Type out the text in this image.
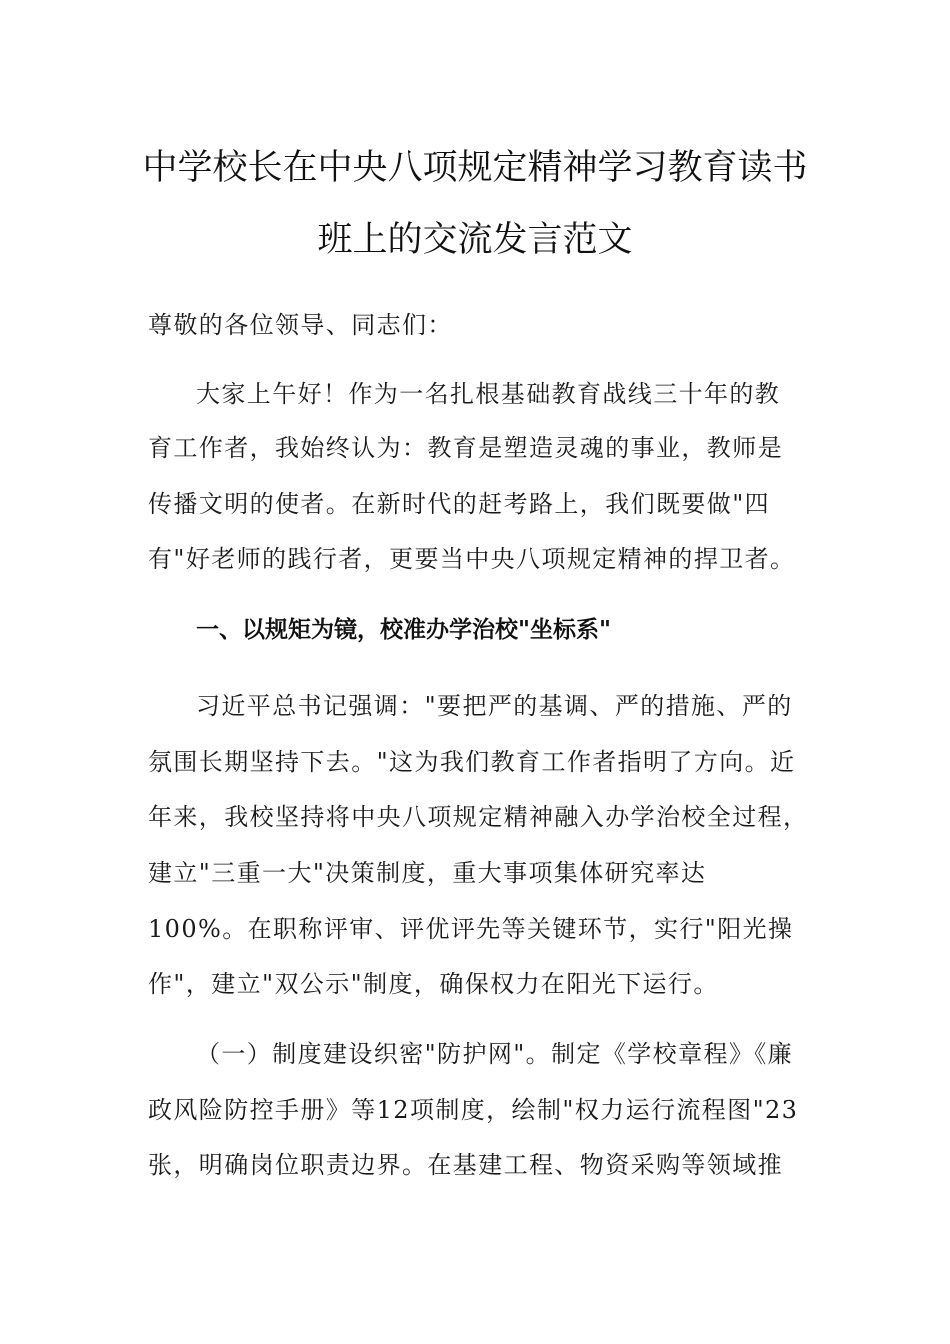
中学校长在中央八项规定精神学习教育读书
班上的交流发言范文

尊敬的各位领导、同志们：

大家上午好！作为一名扎根基础教育战线三十年的教

育工作者，我始终认为：教育是塑造灵魂的事业，教师是

传播文明的使者。在新时代的赶考路上，我们既要做"四

有"好老师的践行者，更要当中央八项规定精神的捍卫者。

一、以规矩为镜，校准办学治校"坐标系"

习近平总书记强调："要把严的基调、严的措施、严的

氛围长期坚持下去。"这为我们教育工作者指明了方向。近

年来，我校坚持将中央八项规定精神融入办学治校全过程，

建立"三重一大"决策制度，重大事项集体研究率达

100%。在职称评审、评优评先等关键环节，实行"阳光操

作"，建立"双公示"制度，确保权力在阳光下运行。

（一）制度建设织密"防护网"。制定《学校章程》《廉

政风险防控手册》等12项制度，绘制"权力运行流程图"23

张，明确岗位职责边界。在基建工程、物资采购等领域推
